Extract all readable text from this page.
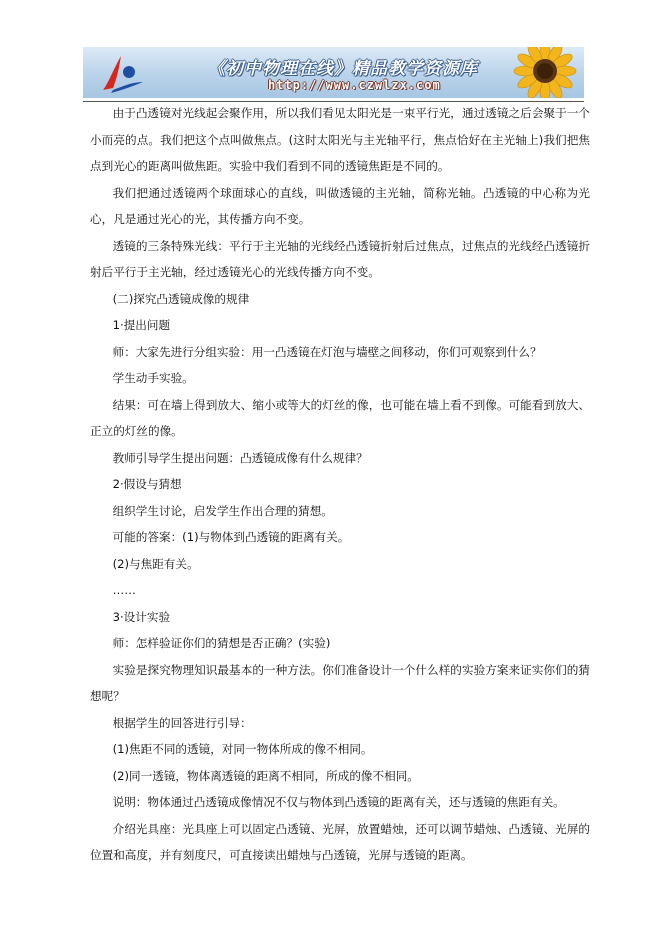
《初中物理在线》精品教学资源库
http://www.czwlzx.com

由于凸透镜对光线起会聚作用，所以我们看见太阳光是一束平行光，通过透镜之后会聚于一个小而亮的点。我们把这个点叫做焦点。(这时太阳光与主光轴平行，焦点恰好在主光轴上)我们把焦点到光心的距离叫做焦距。实验中我们看到不同的透镜焦距是不同的。

我们把通过透镜两个球面球心的直线，叫做透镜的主光轴，简称光轴。凸透镜的中心称为光心，凡是通过光心的光，其传播方向不变。

透镜的三条特殊光线：平行于主光轴的光线经凸透镜折射后过焦点，过焦点的光线经凸透镜折射后平行于主光轴，经过透镜光心的光线传播方向不变。

(二)探究凸透镜成像的规律

1·提出问题

师：大家先进行分组实验：用一凸透镜在灯泡与墙壁之间移动，你们可观察到什么？

学生动手实验。

结果：可在墙上得到放大、缩小或等大的灯丝的像，也可能在墙上看不到像。可能看到放大、正立的灯丝的像。

教师引导学生提出问题：凸透镜成像有什么规律？

2·假设与猜想

组织学生讨论，启发学生作出合理的猜想。

可能的答案：(1)与物体到凸透镜的距离有关。

(2)与焦距有关。

……

3·设计实验

师：怎样验证你们的猜想是否正确？(实验)

实验是探究物理知识最基本的一种方法。你们准备设计一个什么样的实验方案来证实你们的猜想呢？

根据学生的回答进行引导：

(1)焦距不同的透镜，对同一物体所成的像不相同。

(2)同一透镜，物体离透镜的距离不相同，所成的像不相同。

说明：物体通过凸透镜成像情况不仅与物体到凸透镜的距离有关，还与透镜的焦距有关。

介绍光具座：光具座上可以固定凸透镜、光屏，放置蜡烛，还可以调节蜡烛、凸透镜、光屏的位置和高度，并有刻度尺，可直接读出蜡烛与凸透镜，光屏与透镜的距离。
